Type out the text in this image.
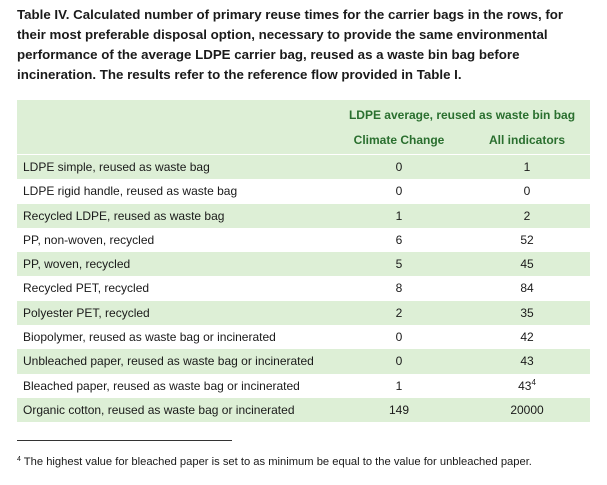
Table IV. Calculated number of primary reuse times for the carrier bags in the rows, for their most preferable disposal option, necessary to provide the same environmental performance of the average LDPE carrier bag, reused as a waste bin bag before incineration. The results refer to the reference flow provided in Table I.
LDPE average, reused as waste bin bag
Climate Change	All indicators
LDPE simple, reused as waste bag	0	1
LDPE rigid handle, reused as waste bag	0	0
Recycled LDPE, reused as waste bag	1	2
PP, non-woven, recycled	6	52
PP, woven, recycled	5	45
Recycled PET, recycled	8	84
Polyester PET, recycled	2	35
Biopolymer, reused as waste bag or incinerated	0	42
Unbleached paper, reused as waste bag or incinerated	0	43
Bleached paper, reused as waste bag or incinerated	1	$43^4$
Organic cotton, reused as waste bag or incinerated	149	20000
$^4$ The highest value for bleached paper is set to as minimum be equal to the value for unbleached paper.
